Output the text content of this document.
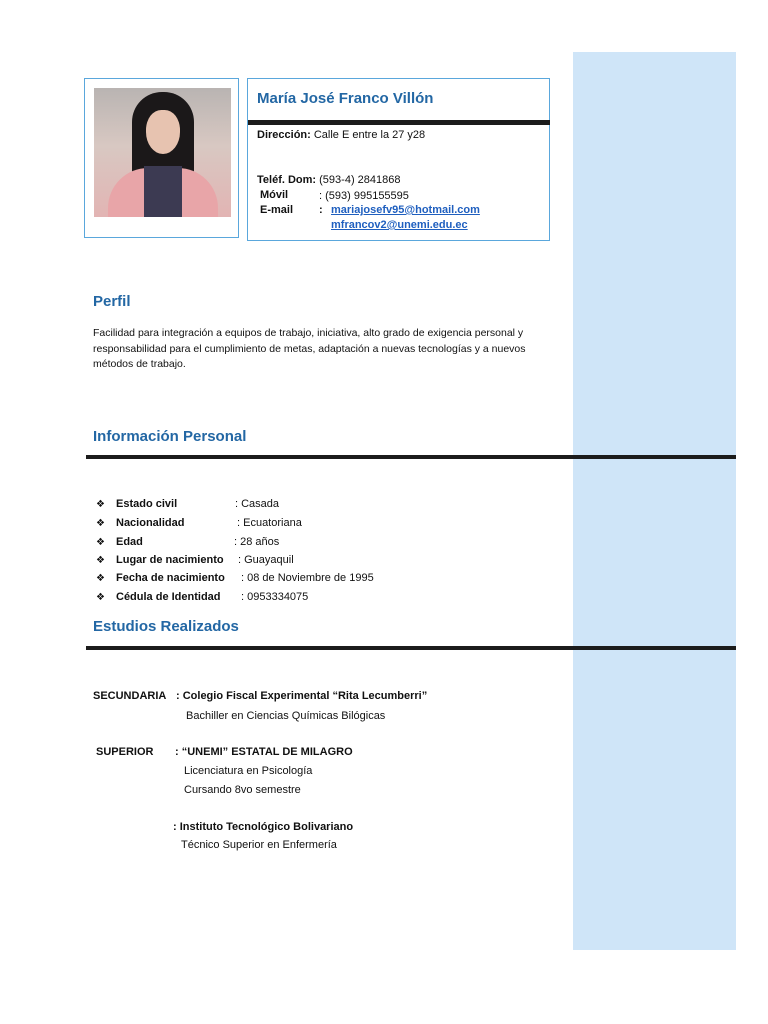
María José Franco Villón
Dirección: Calle E entre la 27 y28
Teléf. Dom: (593-4) 2841868
Móvil	: (593) 995155595
E-mail : mariajosefv95@hotmail.com
mfrancov2@unemi.edu.ec
Perfil

Facilidad para integración a equipos de trabajo, iniciativa, alto grado de exigencia personal y responsabilidad para el cumplimiento de metas, adaptación a nuevas tecnologías y a nuevos métodos de trabajo.

Información Personal
❖ Estado civil	: Casada
❖ Nacionalidad	: Ecuatoriana
❖ Edad	: 28 años
❖ Lugar de nacimiento : Guayaquil
❖ Fecha de nacimiento : 08 de Noviembre de 1995
❖ Cédula de Identidad : 0953334075
Estudios Realizados
SECUNDARIA : Colegio Fiscal Experimental “Rita Lecumberri”
Bachiller en Ciencias Químicas Bilógicas
SUPERIOR : “UNEMI” ESTATAL DE MILAGRO
Licenciatura en Psicología
Cursando 8vo semestre
: Instituto Tecnológico Bolivariano
Técnico Superior en Enfermería
